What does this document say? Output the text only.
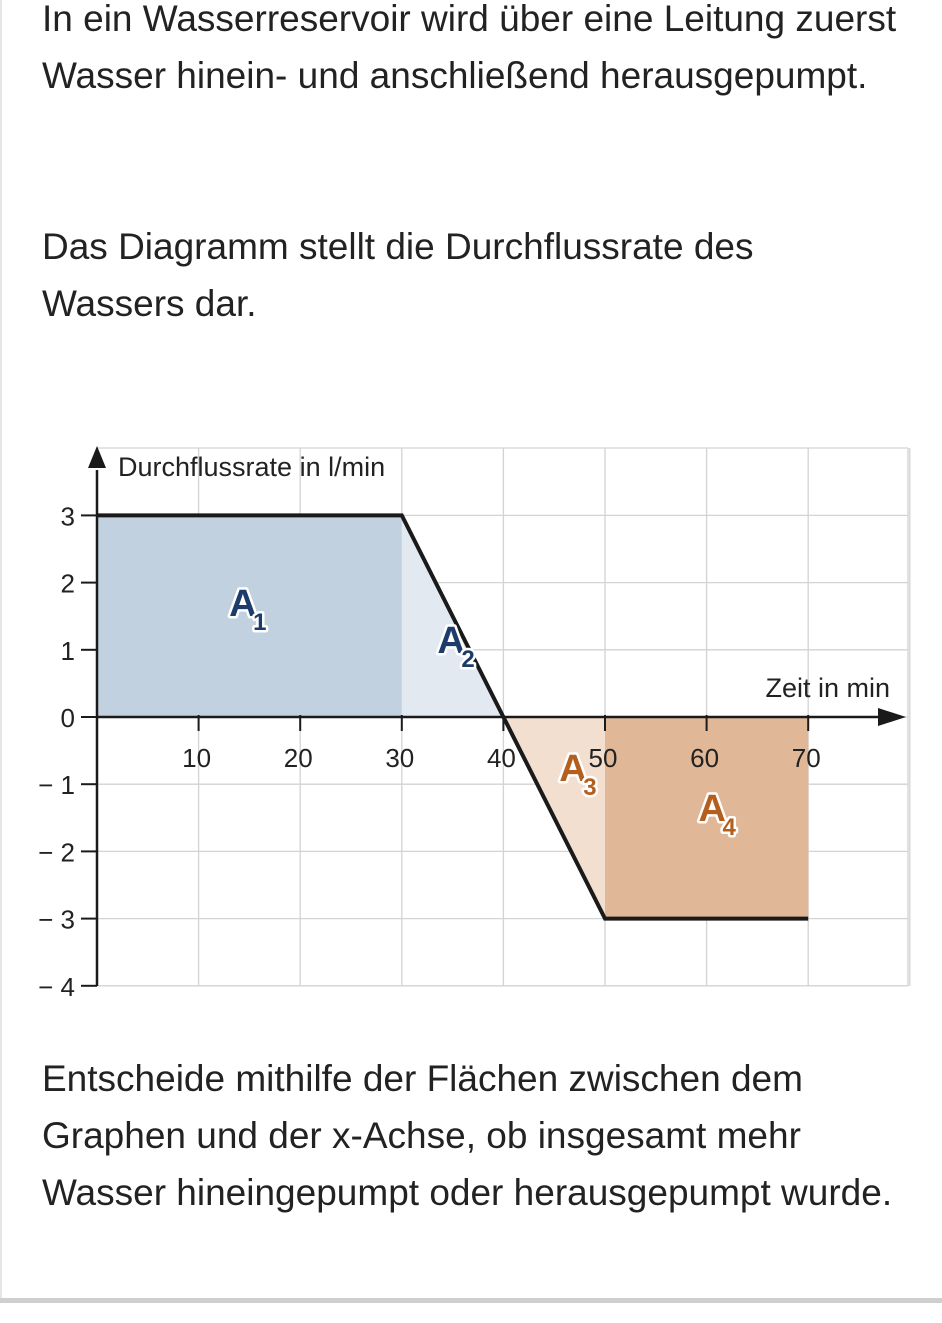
In ein Wasserreservoir wird über eine Leitung zuerst Wasser hinein- und anschließend herausgepumpt.

Das Diagramm stellt die Durchflussrate des Wassers dar.

3
2
1
0
− 1
− 2
− 3
− 4
10	20	30	40	50	60	70
Durchflussrate in l/min
Zeit in min
A
1	A
2
A
3
A
4

Entscheide mithilfe der Flächen zwischen dem Graphen und der x-Achse, ob insgesamt mehr Wasser hineingepumpt oder herausgepumpt wurde.
